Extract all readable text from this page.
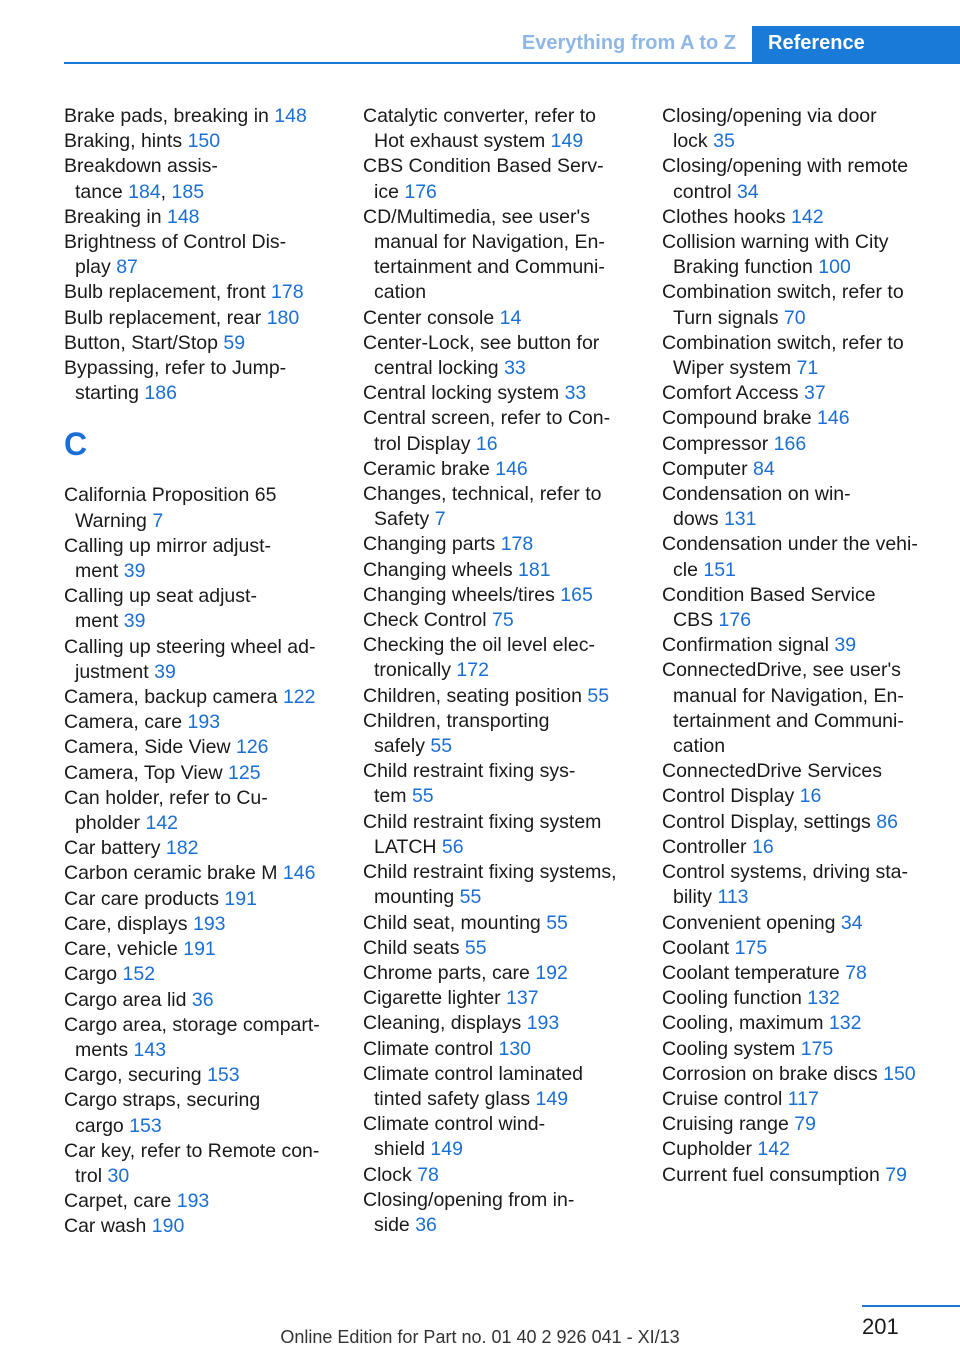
Everything from A to Z	Reference
Brake pads, breaking in 148
Braking, hints 150
Breakdown assis-
tance 184, 185
Breaking in 148
Brightness of Control Dis-
play 87
Bulb replacement, front 178
Bulb replacement, rear 180
Button, Start/Stop 59
Bypassing, refer to Jump-
starting 186
C
California Proposition 65
Warning 7
Calling up mirror adjust-
ment 39
Calling up seat adjust-
ment 39
Calling up steering wheel ad-
justment 39
Camera, backup camera 122
Camera, care 193
Camera, Side View 126
Camera, Top View 125
Can holder, refer to Cu-
pholder 142
Car battery 182
Carbon ceramic brake M 146
Car care products 191
Care, displays 193
Care, vehicle 191
Cargo 152
Cargo area lid 36
Cargo area, storage compart-
ments 143
Cargo, securing 153
Cargo straps, securing
cargo 153
Car key, refer to Remote con-
trol 30
Carpet, care 193
Car wash 190
Catalytic converter, refer to
Hot exhaust system 149
CBS Condition Based Serv-
ice 176
CD/Multimedia, see user's
manual for Navigation, En-
tertainment and Communi-
cation
Center console 14
Center-Lock, see button for
central locking 33
Central locking system 33
Central screen, refer to Con-
trol Display 16
Ceramic brake 146
Changes, technical, refer to
Safety 7
Changing parts 178
Changing wheels 181
Changing wheels/tires 165
Check Control 75
Checking the oil level elec-
tronically 172
Children, seating position 55
Children, transporting
safely 55
Child restraint fixing sys-
tem 55
Child restraint fixing system
LATCH 56
Child restraint fixing systems,
mounting 55
Child seat, mounting 55
Child seats 55
Chrome parts, care 192
Cigarette lighter 137
Cleaning, displays 193
Climate control 130
Climate control laminated
tinted safety glass 149
Climate control wind-
shield 149
Clock 78
Closing/opening from in-
side 36
Closing/opening via door
lock 35
Closing/opening with remote
control 34
Clothes hooks 142
Collision warning with City
Braking function 100
Combination switch, refer to
Turn signals 70
Combination switch, refer to
Wiper system 71
Comfort Access 37
Compound brake 146
Compressor 166
Computer 84
Condensation on win-
dows 131
Condensation under the vehi-
cle 151
Condition Based Service
CBS 176
Confirmation signal 39
ConnectedDrive, see user's
manual for Navigation, En-
tertainment and Communi-
cation
ConnectedDrive Services
Control Display 16
Control Display, settings 86
Controller 16
Control systems, driving sta-
bility 113
Convenient opening 34
Coolant 175
Coolant temperature 78
Cooling function 132
Cooling, maximum 132
Cooling system 175
Corrosion on brake discs 150
Cruise control 117
Cruising range 79
Cupholder 142
Current fuel consumption 79
201
Online Edition for Part no. 01 40 2 926 041 - XI/13
